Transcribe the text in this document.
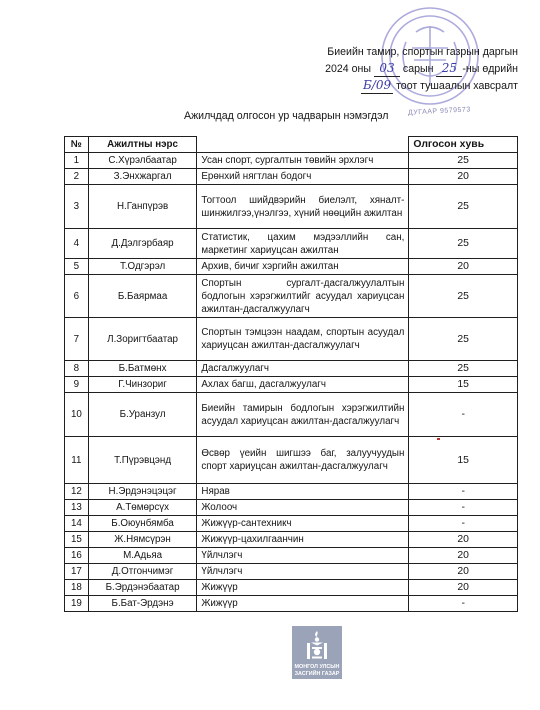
Биеийн тамир, спортын газрын даргын
2024 оны 03 сарын 25 -ны өдрийн
Б/09 тоот тушаалын хавсралт
Ажилчдад олгосон ур чадварын нэмэгдэл	ДУГААР 9579573
№	Ажилтны нэрс		Олгосон хувь
1	С.Хүрэлбаатар	Усан спорт, сургалтын төвийн эрхлэгч	25
2	З.Энхжаргал	Ерөнхий нягтлан бодогч	20
3	Н.Ганпүрэв	Тогтоол шийдвэрийн биелэлт, хяналт-шинжилгээ,үнэлгээ, хүний нөөцийн ажилтан	25
4	Д.Дэлгэрбаяр	Статистик, цахим мэдээллийн сан, маркетинг хариуцсан ажилтан	25
5	Т.Одгэрэл	Архив, бичиг хэргийн ажилтан	20
6	Б.Баярмаа	Спортын сургалт-дасгалжуулалтын бодлогын хэрэгжилтийг асуудал хариуцсан ажилтан-дасгалжуулагч	25
7	Л.Зоригтбаатар	Спортын тэмцээн наадам, спортын асуудал хариуцсан ажилтан-дасгалжуулагч	25
8	Б.Батмөнх	Дасгалжуулагч	25
9	Г.Чинзориг	Ахлах багш, дасгалжуулагч	15
10	Б.Уранзул	Биеийн тамирын бодлогын хэрэгжилтийн асуудал хариуцсан ажилтан-дасгалжуулагч	-
11	Т.Пүрэвцэнд	Өсвөр үеийн шигшээ баг, залуучуудын спорт хариуцсан ажилтан-дасгалжуулагч	15
12	Н.Эрдэнэцэцэг	Нярав	-
13	А.Төмөрсүх	Жолооч	-
14	Б.Оюунбямба	Жижүүр-сантехникч	-
15	Ж.Нямсүрэн	Жижүүр-цахилгаанчин	20
16	М.Адьяа	Үйлчлэгч	20
17	Д.Отгончимэг	Үйлчлэгч	20
18	Б.Эрдэнэбаатар	Жижүүр	20
19	Б.Бат-Эрдэнэ	Жижүүр	-
МОНГОЛ УЛСЫН
ЗАСГИЙН ГАЗАР
